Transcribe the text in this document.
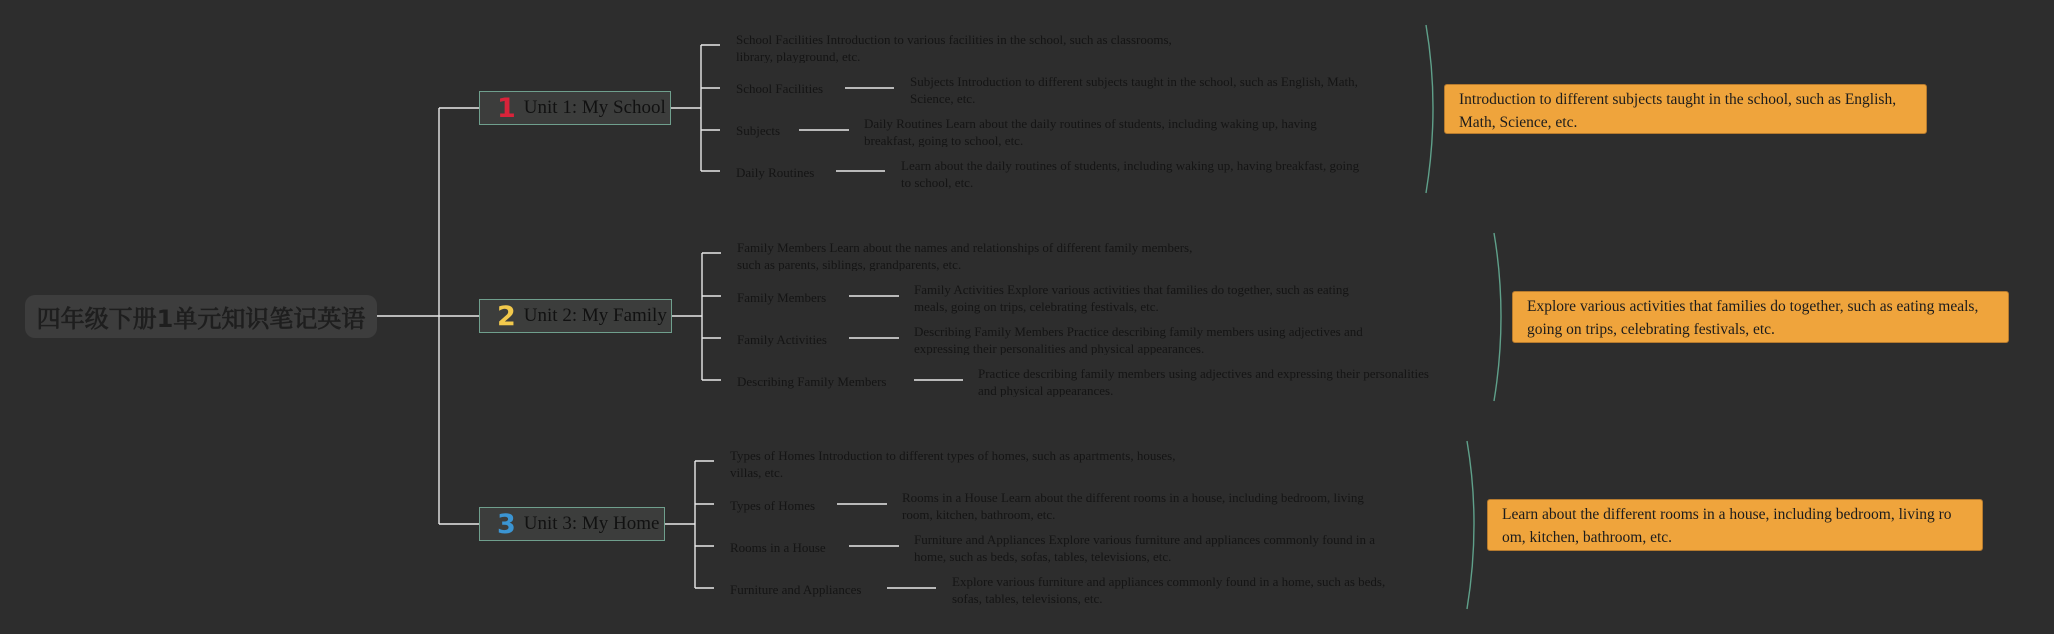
四年级下册1单元知识笔记英语
1 Unit 1: My School
School Facilities Introduction to various facilities in the school, such as classrooms,
library, playground, etc.
School Facilities	Subjects Introduction to different subjects taught in the school, such as English, Math,
Science, etc.
Subjects	Daily Routines Learn about the daily routines of students, including waking up, having
breakfast, going to school, etc.
Daily Routines	Learn about the daily routines of students, including waking up, having breakfast, going
to school, etc.
Introduction to different subjects taught in the school, such as English,
Math, Science, etc.
2 Unit 2: My Family
Family Members Learn about the names and relationships of different family members,
such as parents, siblings, grandparents, etc.
Family Members
Family Activities Explore various activities that families do together, such as eating
meals, going on trips, celebrating festivals, etc.
Family Activities
Describing Family Members Practice describing family members using adjectives and
expressing their personalities and physical appearances.
Describing Family Members
Practice describing family members using adjectives and expressing their personalities
and physical appearances.
Explore various activities that families do together, such as eating meals,
going on trips, celebrating festivals, etc.
3 Unit 3: My Home
Types of Homes Introduction to different types of homes, such as apartments, houses,
villas, etc.
Types of Homes
Rooms in a House Learn about the different rooms in a house, including bedroom, living
room, kitchen, bathroom, etc.
Rooms in a House
Furniture and Appliances Explore various furniture and appliances commonly found in a
home, such as beds, sofas, tables, televisions, etc.
Furniture and Appliances
Explore various furniture and appliances commonly found in a home, such as beds,
sofas, tables, televisions, etc.
Learn about the different rooms in a house, including bedroom, living ro
om, kitchen, bathroom, etc.
